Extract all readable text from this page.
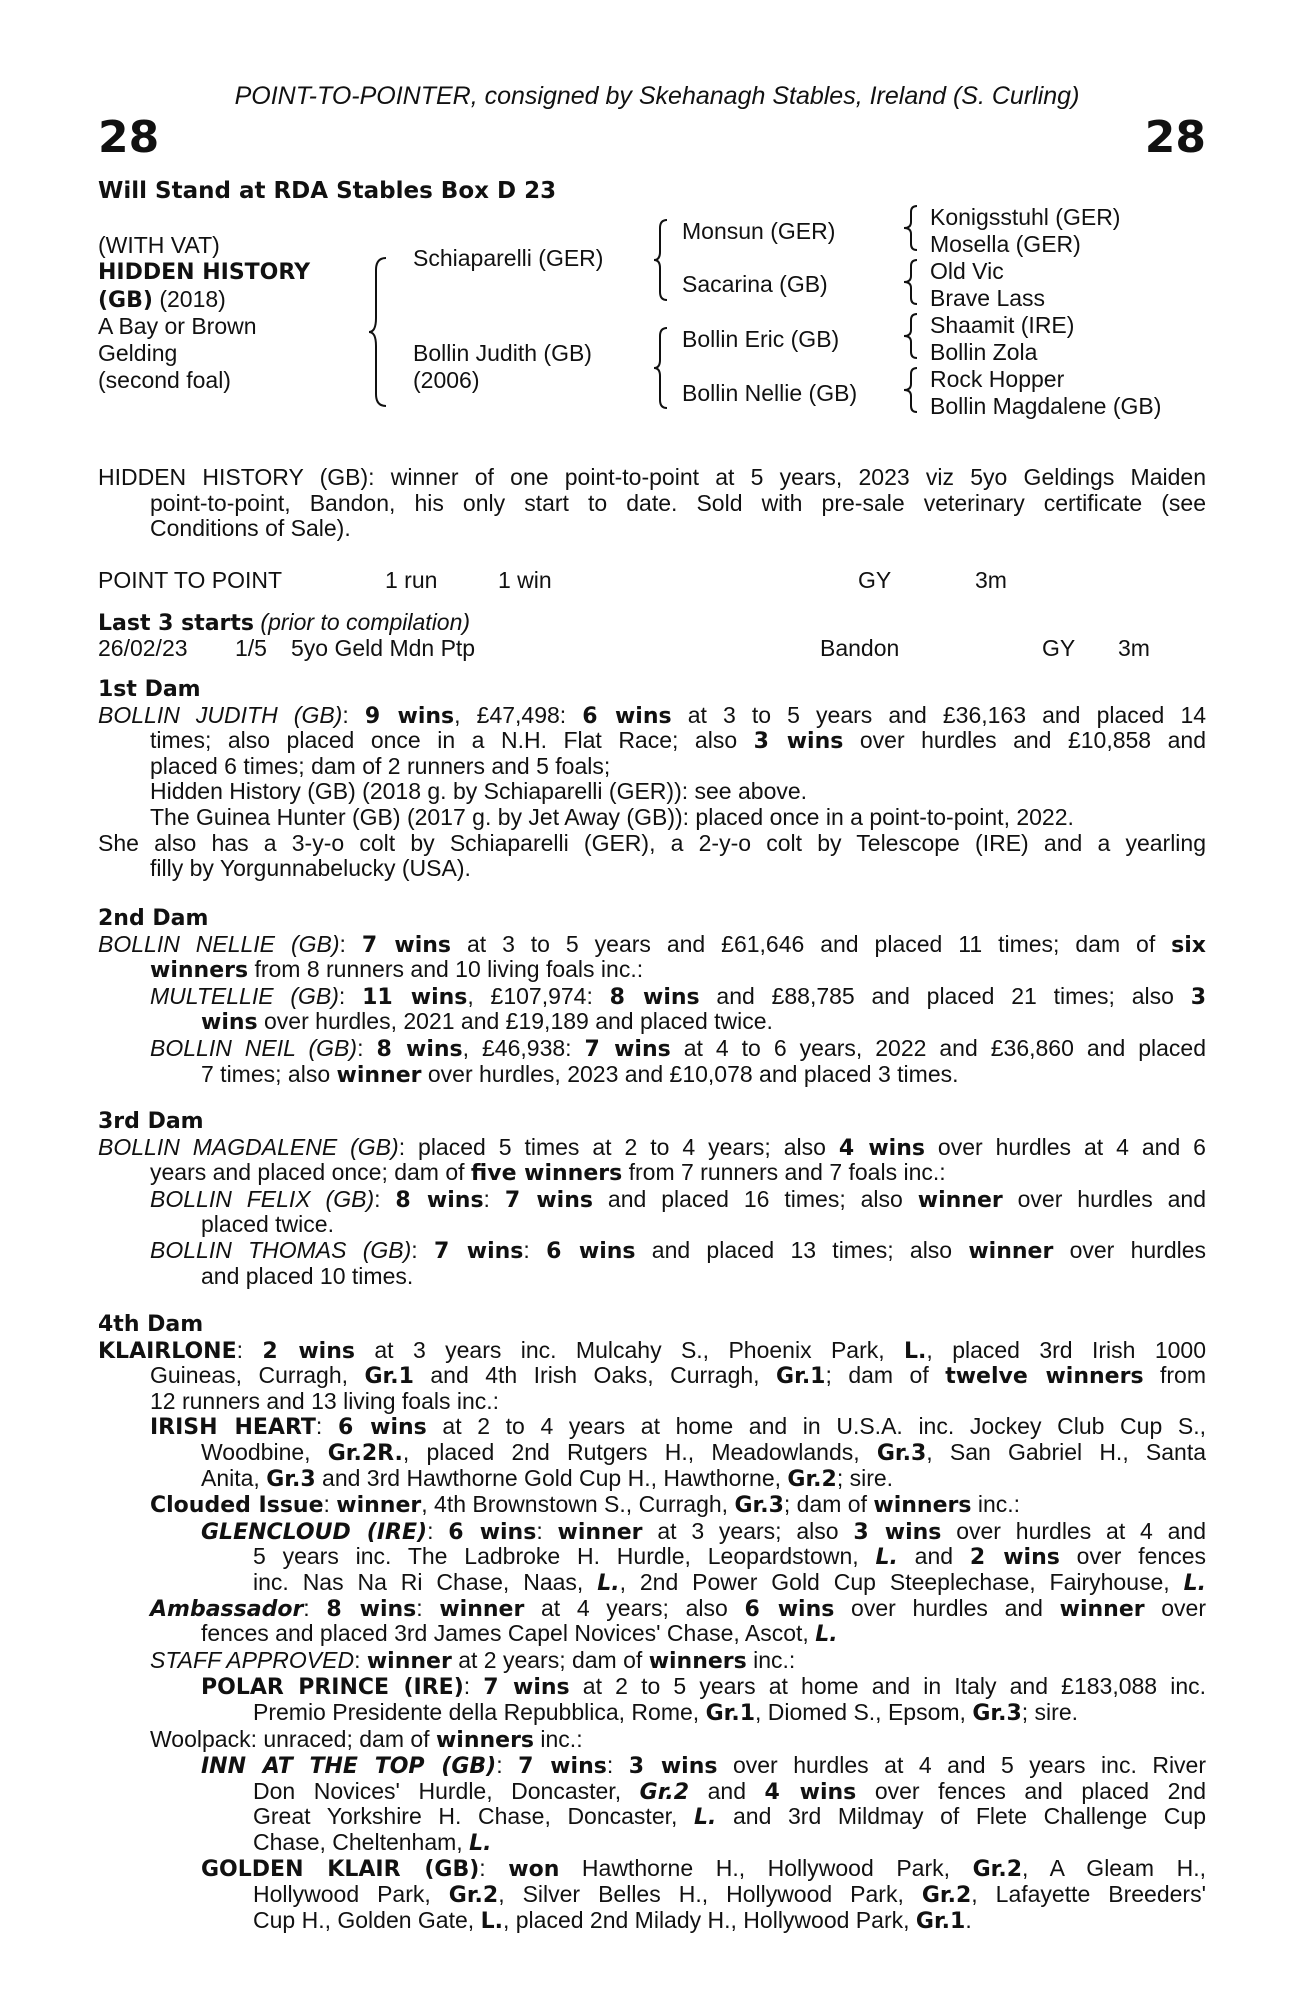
POINT-TO-POINTER, consigned by Skehanagh Stables, Ireland (S. Curling)
28	28
Will Stand at RDA Stables Box D 23
(WITH VAT)
HIDDEN HISTORY
(GB) (2018)
A Bay or Brown
Gelding
(second foal)
Schiaparelli (GER)
Bollin Judith (GB)
(2006)
Monsun (GER)
Sacarina (GB)
Bollin Eric (GB)
Bollin Nellie (GB)
Konigsstuhl (GER)
Mosella (GER)
Old Vic
Brave Lass
Shaamit (IRE)
Bollin Zola
Rock Hopper
Bollin Magdalene (GB)
HIDDEN HISTORY (GB): winner of one point-to-point at 5 years, 2023 viz 5yo Geldings Maiden
point-to-point, Bandon, his only start to date. Sold with pre-sale veterinary certificate (see
Conditions of Sale).
POINT TO POINT	1 run	1 win	GY	3m
Last 3 starts (prior to compilation)
26/02/23 1/5 5yo Geld Mdn Ptp	Bandon	GY 3m
1st Dam
BOLLIN JUDITH (GB): 9 wins, £47,498: 6 wins at 3 to 5 years and £36,163 and placed 14
times; also placed once in a N.H. Flat Race; also 3 wins over hurdles and £10,858 and
placed 6 times; dam of 2 runners and 5 foals;
Hidden History (GB) (2018 g. by Schiaparelli (GER)): see above.
The Guinea Hunter (GB) (2017 g. by Jet Away (GB)): placed once in a point-to-point, 2022.
She also has a 3-y-o colt by Schiaparelli (GER), a 2-y-o colt by Telescope (IRE) and a yearling
filly by Yorgunnabelucky (USA).
2nd Dam
BOLLIN NELLIE (GB): 7 wins at 3 to 5 years and £61,646 and placed 11 times; dam of six
winners from 8 runners and 10 living foals inc.:
MULTELLIE (GB): 11 wins, £107,974: 8 wins and £88,785 and placed 21 times; also 3
wins over hurdles, 2021 and £19,189 and placed twice.
BOLLIN NEIL (GB): 8 wins, £46,938: 7 wins at 4 to 6 years, 2022 and £36,860 and placed
7 times; also winner over hurdles, 2023 and £10,078 and placed 3 times.
3rd Dam
BOLLIN MAGDALENE (GB): placed 5 times at 2 to 4 years; also 4 wins over hurdles at 4 and 6
years and placed once; dam of five winners from 7 runners and 7 foals inc.:
BOLLIN FELIX (GB): 8 wins: 7 wins and placed 16 times; also winner over hurdles and
placed twice.
BOLLIN THOMAS (GB): 7 wins: 6 wins and placed 13 times; also winner over hurdles
and placed 10 times.
4th Dam
KLAIRLONE: 2 wins at 3 years inc. Mulcahy S., Phoenix Park, L., placed 3rd Irish 1000
Guineas, Curragh, Gr.1 and 4th Irish Oaks, Curragh, Gr.1; dam of twelve winners from
12 runners and 13 living foals inc.:
IRISH HEART: 6 wins at 2 to 4 years at home and in U.S.A. inc. Jockey Club Cup S.,
Woodbine, Gr.2R., placed 2nd Rutgers H., Meadowlands, Gr.3, San Gabriel H., Santa
Anita, Gr.3 and 3rd Hawthorne Gold Cup H., Hawthorne, Gr.2; sire.
Clouded Issue: winner, 4th Brownstown S., Curragh, Gr.3; dam of winners inc.:
GLENCLOUD (IRE): 6 wins: winner at 3 years; also 3 wins over hurdles at 4 and
5 years inc. The Ladbroke H. Hurdle, Leopardstown, L. and 2 wins over fences
inc. Nas Na Ri Chase, Naas, L., 2nd Power Gold Cup Steeplechase, Fairyhouse, L.
Ambassador: 8 wins: winner at 4 years; also 6 wins over hurdles and winner over
fences and placed 3rd James Capel Novices' Chase, Ascot, L.
STAFF APPROVED: winner at 2 years; dam of winners inc.:
POLAR PRINCE (IRE): 7 wins at 2 to 5 years at home and in Italy and £183,088 inc.
Premio Presidente della Repubblica, Rome, Gr.1, Diomed S., Epsom, Gr.3; sire.
Woolpack: unraced; dam of winners inc.:
INN AT THE TOP (GB): 7 wins: 3 wins over hurdles at 4 and 5 years inc. River
Don Novices' Hurdle, Doncaster, Gr.2 and 4 wins over fences and placed 2nd
Great Yorkshire H. Chase, Doncaster, L. and 3rd Mildmay of Flete Challenge Cup
Chase, Cheltenham, L.
GOLDEN KLAIR (GB): won Hawthorne H., Hollywood Park, Gr.2, A Gleam H.,
Hollywood Park, Gr.2, Silver Belles H., Hollywood Park, Gr.2, Lafayette Breeders'
Cup H., Golden Gate, L., placed 2nd Milady H., Hollywood Park, Gr.1.
